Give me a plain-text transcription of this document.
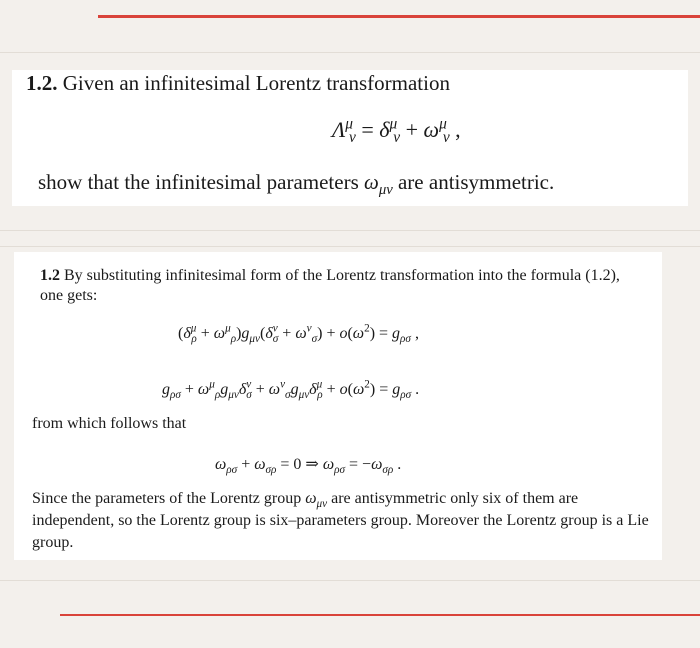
1.2. Given an infinitesimal Lorentz transformation
$\Lambda^\mu_\nu = \delta^\mu_\nu + \omega^\mu_\nu$ ,
show that the infinitesimal parameters $\omega_{\mu\nu}$ are antisymmetric.
1.2 By substituting infinitesimal form of the Lorentz transformation into the formula (1.2), one gets:
$(\delta^\mu_\rho + \omega^\mu_\rho)g_{\mu\nu}(\delta^\nu_\sigma + \omega^\nu_\sigma) + o(\omega^2) = g_{\rho\sigma}$ ,
$g_{\rho\sigma} + \omega^\mu_\rho g_{\mu\nu}\delta^\nu_\sigma + \omega^\nu_\sigma g_{\mu\nu}\delta^\mu_\rho + o(\omega^2) = g_{\rho\sigma}$ .
from which follows that
$\omega_{\rho\sigma} + \omega_{\sigma\rho} = 0$ ⇒ $\omega_{\rho\sigma} = -\omega_{\sigma\rho}$ .
Since the parameters of the Lorentz group $\omega_{\mu\nu}$ are antisymmetric only six of them are independent, so the Lorentz group is six–parameters group. Moreover the Lorentz group is a Lie group.
